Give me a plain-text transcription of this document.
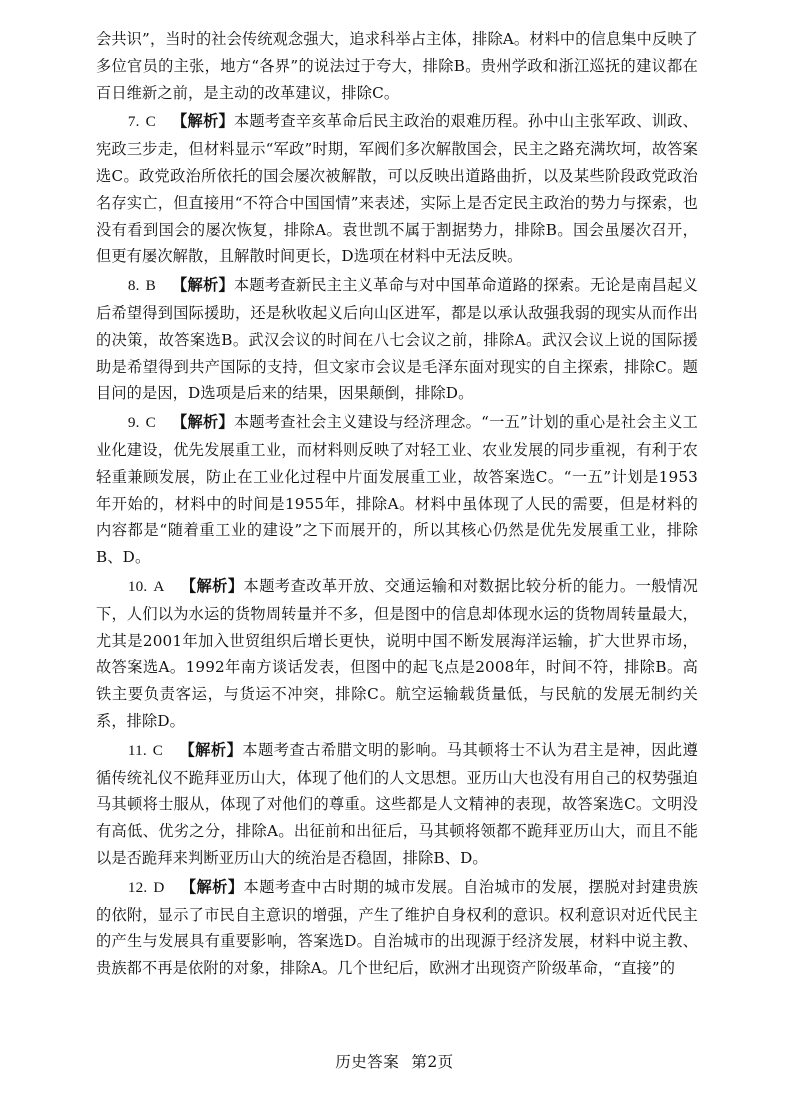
会共识”，当时的社会传统观念强大，追求科举占主体，排除A。材料中的信息集中反映了多位官员的主张，地方“各界”的说法过于夸大，排除B。贵州学政和浙江巡抚的建议都在百日维新之前，是主动的改革建议，排除C。

7. C 【解析】本题考查辛亥革命后民主政治的艰难历程。孙中山主张军政、训政、宪政三步走，但材料显示“军政”时期，军阀们多次解散国会，民主之路充满坎坷，故答案选C。政党政治所依托的国会屡次被解散，可以反映出道路曲折，以及某些阶段政党政治名存实亡，但直接用“不符合中国国情”来表述，实际上是否定民主政治的势力与探索，也没有看到国会的屡次恢复，排除A。袁世凯不属于割据势力，排除B。国会虽屡次召开，但更有屡次解散，且解散时间更长，D选项在材料中无法反映。

8. B 【解析】本题考查新民主主义革命与对中国革命道路的探索。无论是南昌起义后希望得到国际援助，还是秋收起义后向山区进军，都是以承认敌强我弱的现实从而作出的决策，故答案选B。武汉会议的时间在八七会议之前，排除A。武汉会议上说的国际援助是希望得到共产国际的支持，但文家市会议是毛泽东面对现实的自主探索，排除C。题目问的是因，D选项是后来的结果，因果颠倒，排除D。

9. C 【解析】本题考查社会主义建设与经济理念。“一五”计划的重心是社会主义工业化建设，优先发展重工业，而材料则反映了对轻工业、农业发展的同步重视，有利于农轻重兼顾发展，防止在工业化过程中片面发展重工业，故答案选C。“一五”计划是1953年开始的，材料中的时间是1955年，排除A。材料中虽体现了人民的需要，但是材料的内容都是“随着重工业的建设”之下而展开的，所以其核心仍然是优先发展重工业，排除B、D。

10. A 【解析】本题考查改革开放、交通运输和对数据比较分析的能力。一般情况下，人们以为水运的货物周转量并不多，但是图中的信息却体现水运的货物周转量最大，尤其是2001年加入世贸组织后增长更快，说明中国不断发展海洋运输，扩大世界市场，故答案选A。1992年南方谈话发表，但图中的起飞点是2008年，时间不符，排除B。高铁主要负责客运，与货运不冲突，排除C。航空运输载货量低，与民航的发展无制约关系，排除D。

11. C 【解析】本题考查古希腊文明的影响。马其顿将士不认为君主是神，因此遵循传统礼仪不跪拜亚历山大，体现了他们的人文思想。亚历山大也没有用自己的权势强迫马其顿将士服从，体现了对他们的尊重。这些都是人文精神的表现，故答案选C。文明没有高低、优劣之分，排除A。出征前和出征后，马其顿将领都不跪拜亚历山大，而且不能以是否跪拜来判断亚历山大的统治是否稳固，排除B、D。

12. D 【解析】本题考查中古时期的城市发展。自治城市的发展，摆脱对封建贵族的依附，显示了市民自主意识的增强，产生了维护自身权利的意识。权利意识对近代民主的产生与发展具有重要影响，答案选D。自治城市的出现源于经济发展，材料中说主教、贵族都不再是依附的对象，排除A。几个世纪后，欧洲才出现资产阶级革命，“直接”的

历史答案 第2页
